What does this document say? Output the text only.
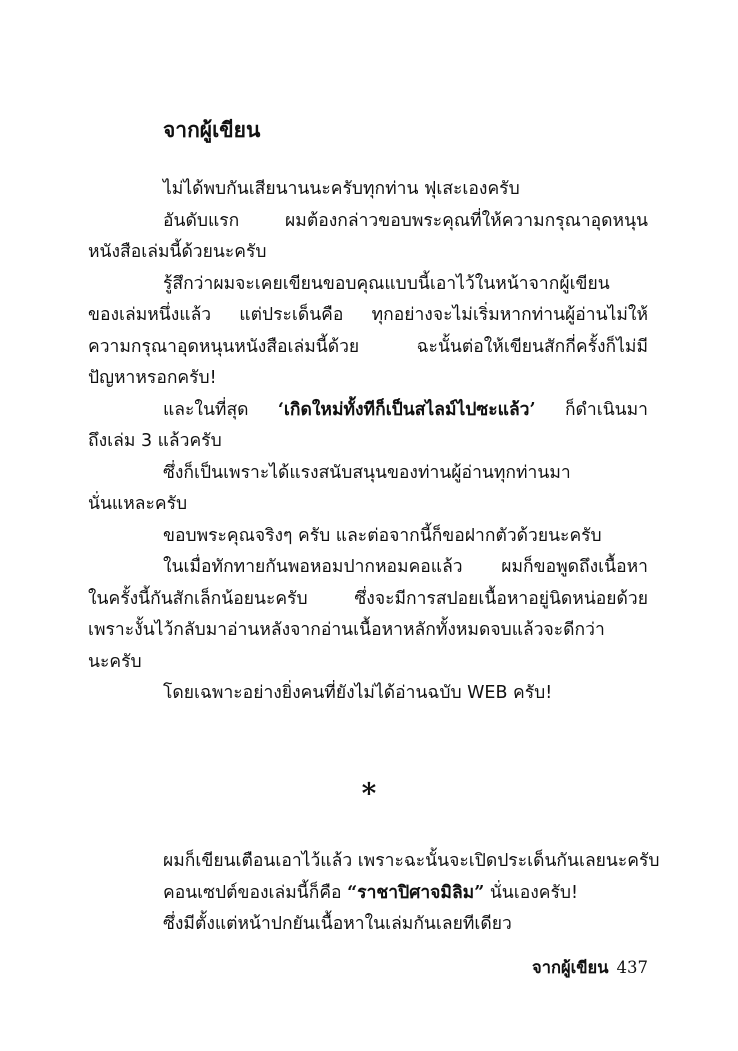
จากผู้เขียน
ไม่ได้พบกันเสียนานนะครับทุกท่าน ฟุเสะเองครับ
อันดับแรก ผมต้องกล่าวขอบพระคุณที่ให้ความกรุณาอุดหนุน
หนังสือเล่มนี้ด้วยนะครับ
รู้สึกว่าผมจะเคยเขียนขอบคุณแบบนี้เอาไว้ในหน้าจากผู้เขียน
ของเล่มหนึ่งแล้ว แต่ประเด็นคือ ทุกอย่างจะไม่เริ่มหากท่านผู้อ่านไม่ให้
ความกรุณาอุดหนุนหนังสือเล่มนี้ด้วย ฉะนั้นต่อให้เขียนสักกี่ครั้งก็ไม่มี
ปัญหาหรอกครับ!
และในที่สุด ‘เกิดใหม่ทั้งทีก็เป็นสไลม์ไปซะแล้ว’ ก็ดำเนินมา
ถึงเล่ม 3 แล้วครับ
ซึ่งก็เป็นเพราะได้แรงสนับสนุนของท่านผู้อ่านทุกท่านมา
นั่นแหละครับ
ขอบพระคุณจริงๆ ครับ และต่อจากนี้ก็ขอฝากตัวด้วยนะครับ
ในเมื่อทักทายกันพอหอมปากหอมคอแล้ว ผมก็ขอพูดถึงเนื้อหา
ในครั้งนี้กันสักเล็กน้อยนะครับ ซึ่งจะมีการสปอยเนื้อหาอยู่นิดหน่อยด้วย
เพราะงั้นไว้กลับมาอ่านหลังจากอ่านเนื้อหาหลักทั้งหมดจบแล้วจะดีกว่า
นะครับ
โดยเฉพาะอย่างยิ่งคนที่ยังไม่ได้อ่านฉบับ WEB ครับ!
*
ผมก็เขียนเตือนเอาไว้แล้ว เพราะฉะนั้นจะเปิดประเด็นกันเลยนะครับ
คอนเซปต์ของเล่มนี้ก็คือ “ราชาปิศาจมิลิม” นั่นเองครับ!
ซึ่งมีตั้งแต่หน้าปกยันเนื้อหาในเล่มกันเลยทีเดียว
จากผู้เขียน 437
